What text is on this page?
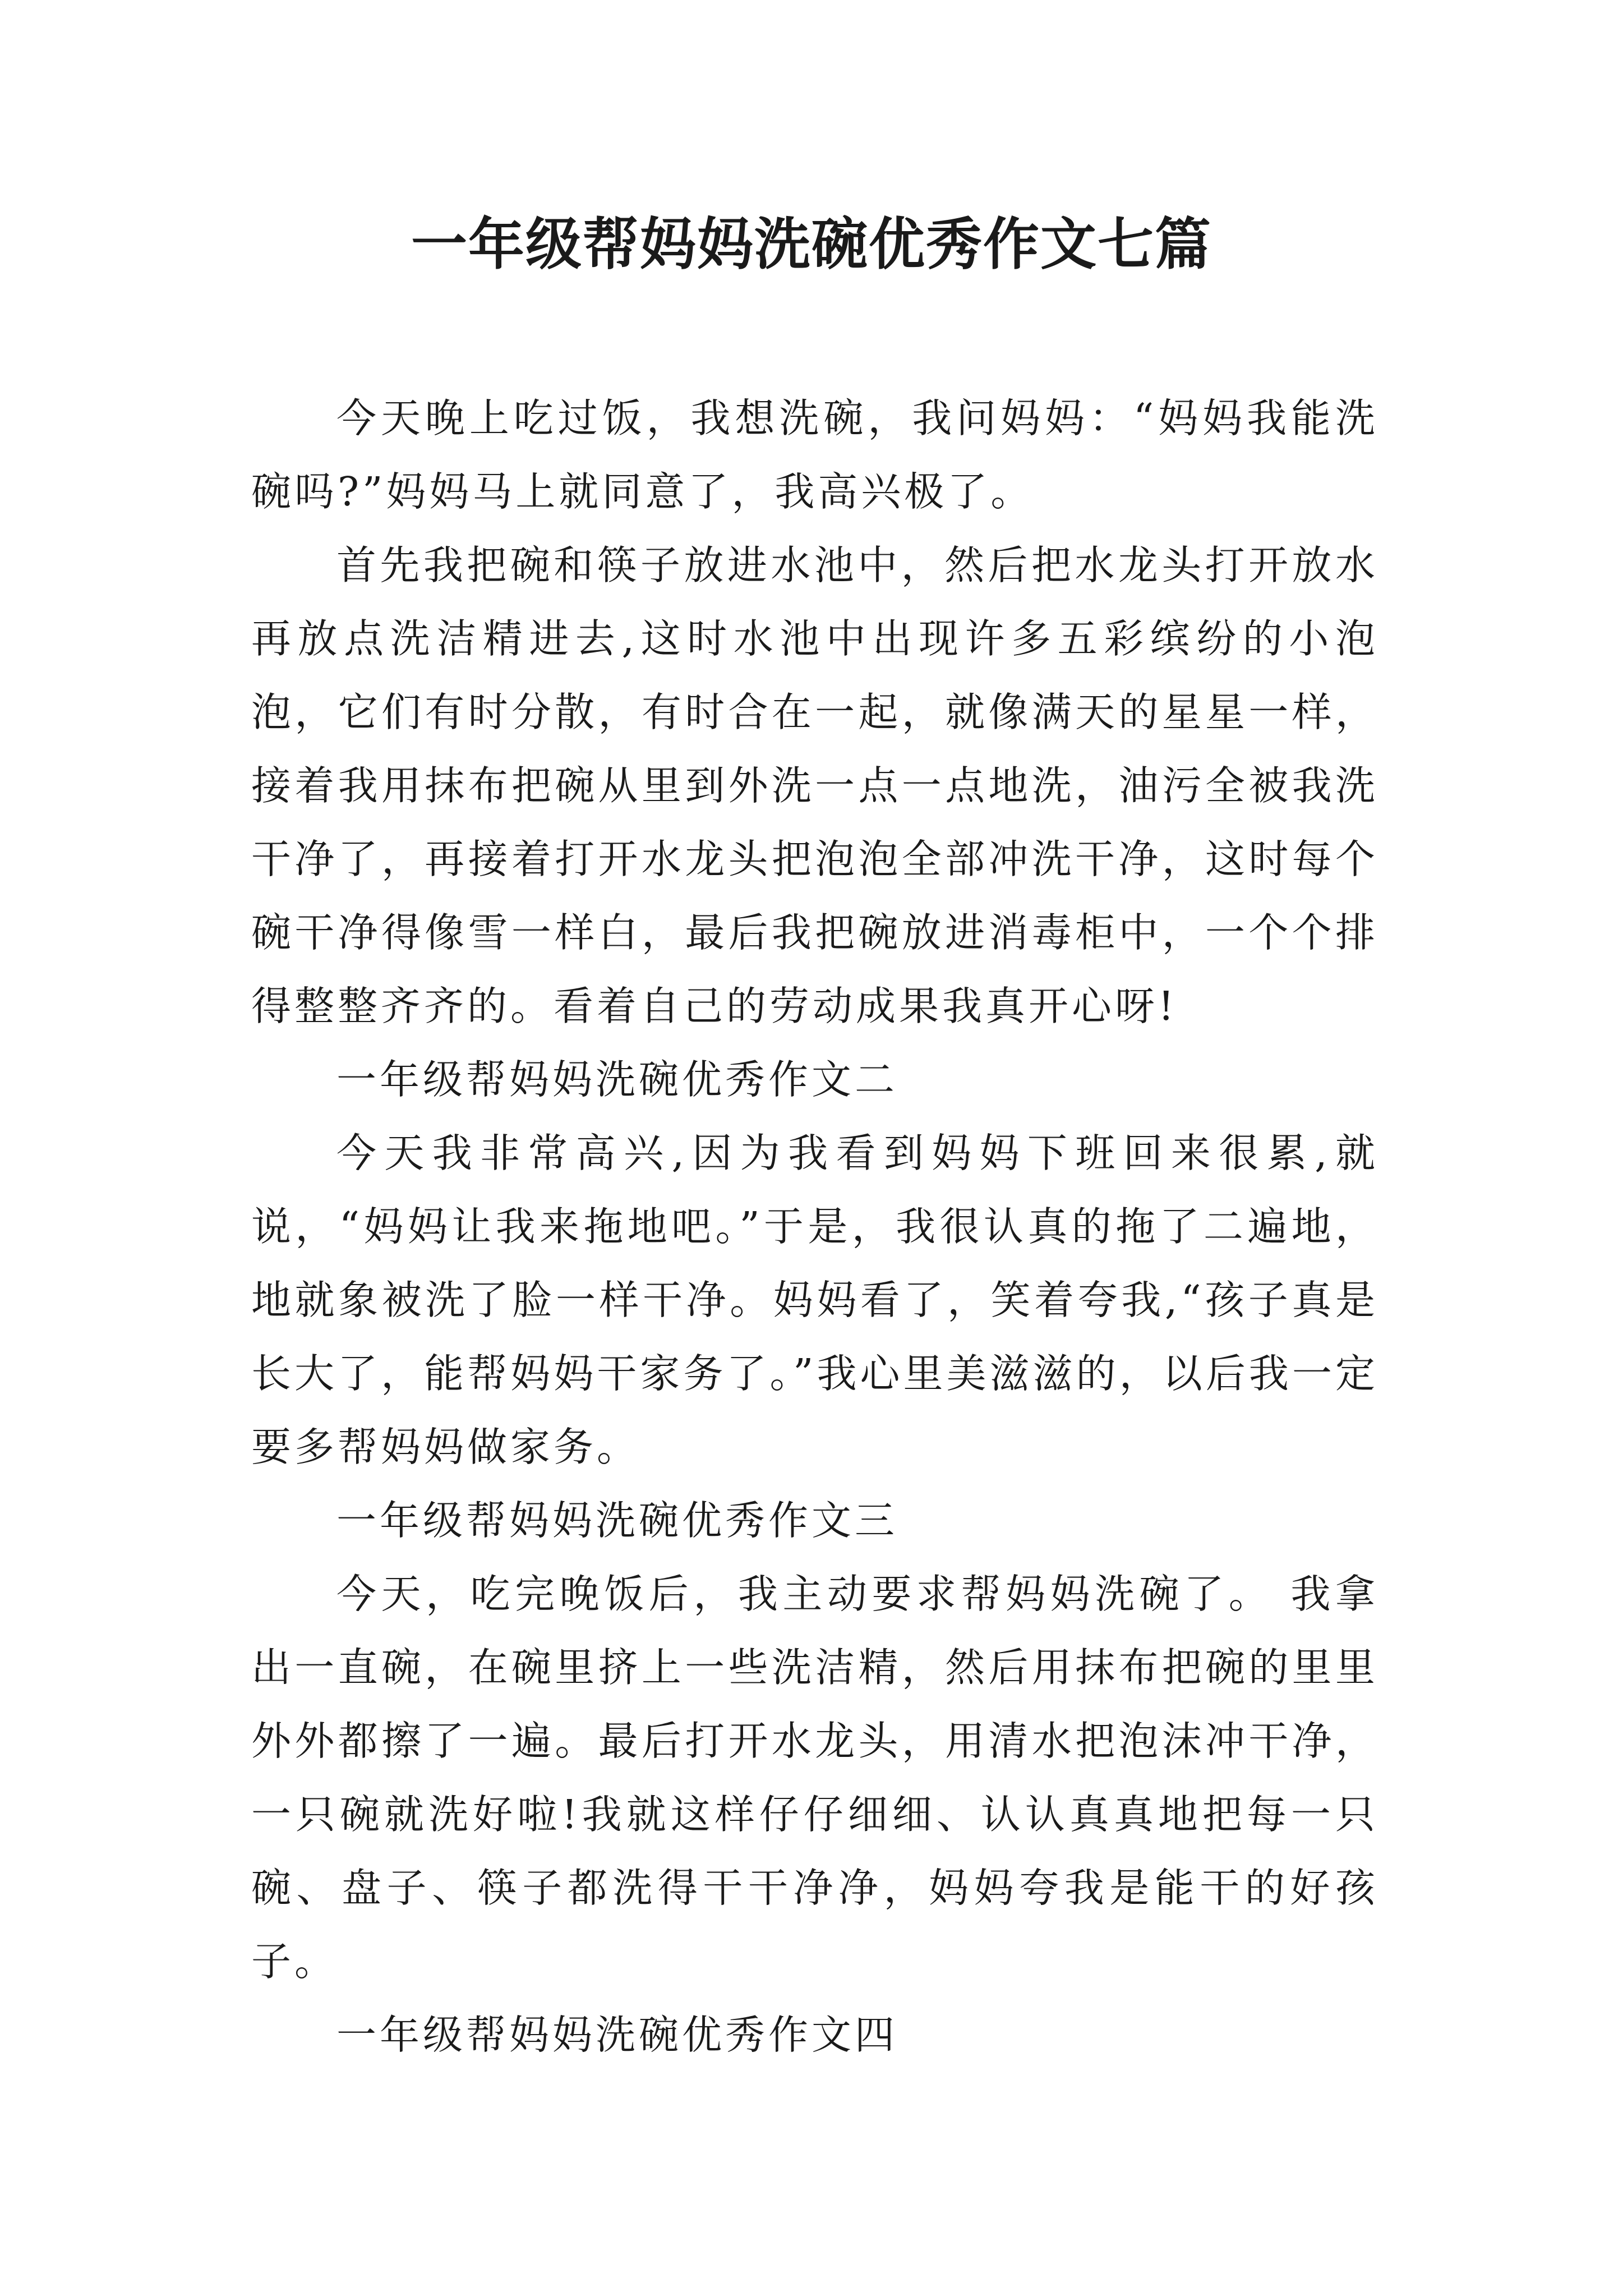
一年级帮妈妈洗碗优秀作文七篇

今天晚上吃过饭，我想洗碗，我问妈妈：“妈妈我能洗碗吗?”妈妈马上就同意了，我高兴极了。

首先我把碗和筷子放进水池中，然后把水龙头打开放水再放点洗洁精进去,这时水池中出现许多五彩缤纷的小泡泡，它们有时分散，有时合在一起，就像满天的星星一样，接着我用抹布把碗从里到外洗一点一点地洗，油污全被我洗干净了，再接着打开水龙头把泡泡全部冲洗干净，这时每个碗干净得像雪一样白，最后我把碗放进消毒柜中，一个个排得整整齐齐的。看着自己的劳动成果我真开心呀!

一年级帮妈妈洗碗优秀作文二

今天我非常高兴,因为我看到妈妈下班回来很累,就说，“妈妈让我来拖地吧。”于是，我很认真的拖了二遍地，地就象被洗了脸一样干净。妈妈看了，笑着夸我,“孩子真是长大了，能帮妈妈干家务了。”我心里美滋滋的，以后我一定要多帮妈妈做家务。

一年级帮妈妈洗碗优秀作文三

今天，吃完晚饭后，我主动要求帮妈妈洗碗了。 我拿出一直碗，在碗里挤上一些洗洁精，然后用抹布把碗的里里外外都擦了一遍。最后打开水龙头，用清水把泡沫冲干净，一只碗就洗好啦!我就这样仔仔细细、认认真真地把每一只碗、盘子、筷子都洗得干干净净，妈妈夸我是能干的好孩子。

一年级帮妈妈洗碗优秀作文四
